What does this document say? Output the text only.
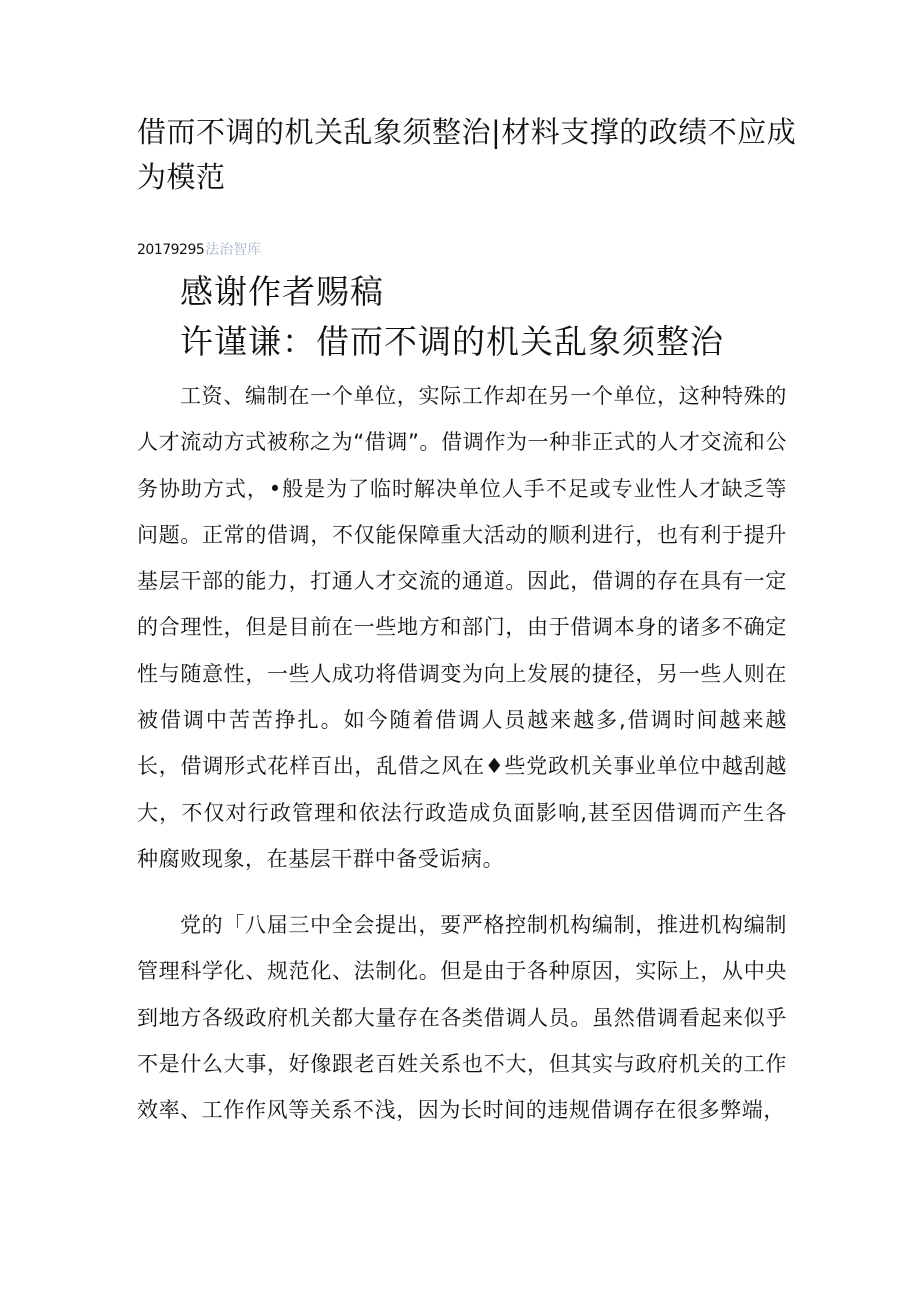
借而不调的机关乱象须整治|材料支撑的政绩不应成为模范
20179295法治智库
感谢作者赐稿
许谨谦：借而不调的机关乱象须整治

工资、编制在一个单位，实际工作却在另一个单位，这种特殊的人才流动方式被称之为“借调”。借调作为一种非正式的人才交流和公务协助方式，•般是为了临时解决单位人手不足或专业性人才缺乏等问题。正常的借调，不仅能保障重大活动的顺利进行，也有利于提升基层干部的能力，打通人才交流的通道。因此，借调的存在具有一定的合理性，但是目前在一些地方和部门，由于借调本身的诸多不确定性与随意性，一些人成功将借调变为向上发展的捷径，另一些人则在被借调中苦苦挣扎。如今随着借调人员越来越多,借调时间越来越长，借调形式花样百出，乱借之风在♦些党政机关事业单位中越刮越大，不仅对行政管理和依法行政造成负面影响,甚至因借调而产生各种腐败现象，在基层干群中备受诟病。

党的「八届三中全会提出，要严格控制机构编制，推进机构编制管理科学化、规范化、法制化。但是由于各种原因，实际上，从中央到地方各级政府机关都大量存在各类借调人员。虽然借调看起来似乎不是什么大事，好像跟老百姓关系也不大，但其实与政府机关的工作效率、工作作风等关系不浅，因为长时间的违规借调存在很多弊端，
